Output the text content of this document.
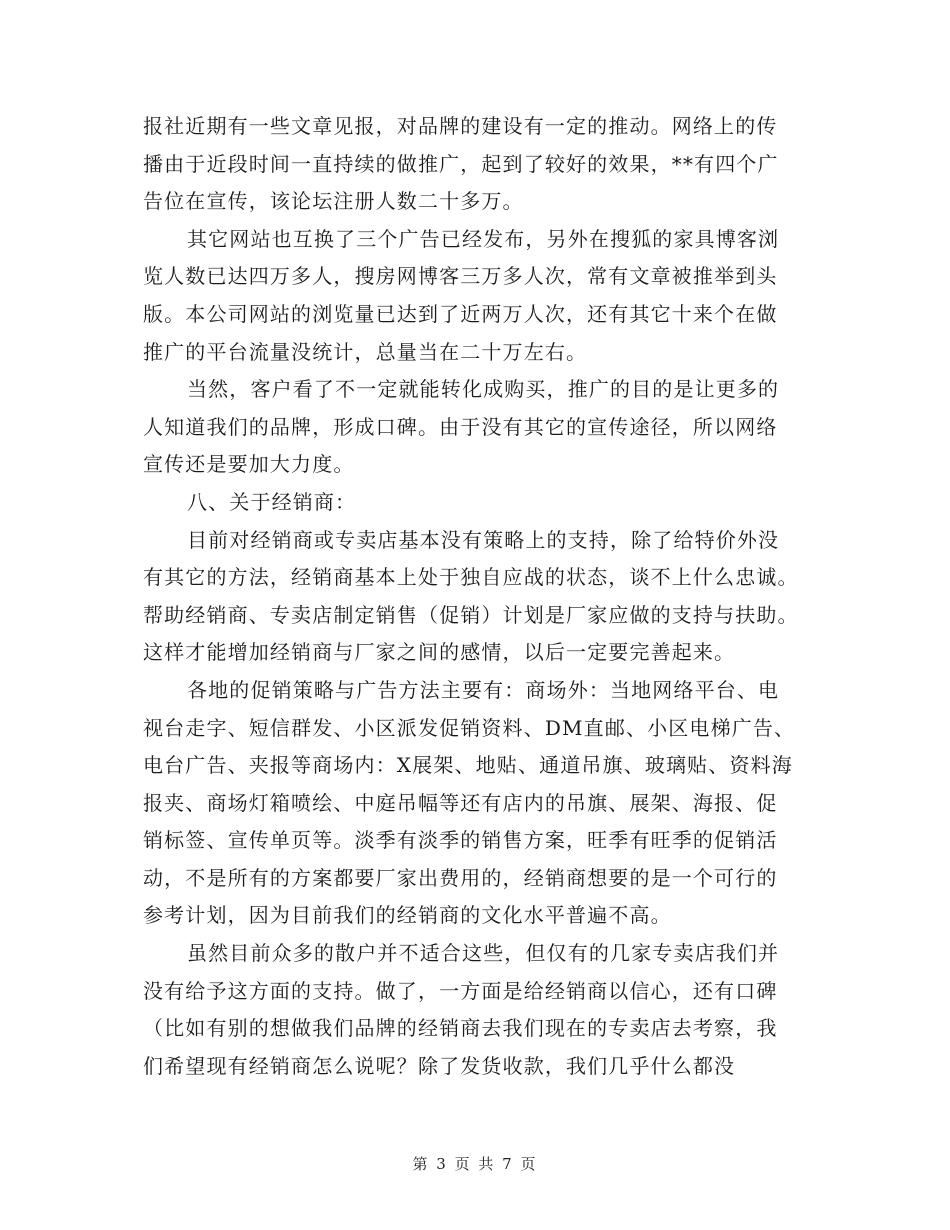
报社近期有一些文章见报，对品牌的建设有一定的推动。网络上的传
播由于近段时间一直持续的做推广，起到了较好的效果，**有四个广
告位在宣传，该论坛注册人数二十多万。
其它网站也互换了三个广告已经发布，另外在搜狐的家具博客浏
览人数已达四万多人，搜房网博客三万多人次，常有文章被推举到头
版。本公司网站的浏览量已达到了近两万人次，还有其它十来个在做
推广的平台流量没统计，总量当在二十万左右。
当然，客户看了不一定就能转化成购买，推广的目的是让更多的
人知道我们的品牌，形成口碑。由于没有其它的宣传途径，所以网络
宣传还是要加大力度。
八、关于经销商：
目前对经销商或专卖店基本没有策略上的支持，除了给特价外没
有其它的方法，经销商基本上处于独自应战的状态，谈不上什么忠诚。
帮助经销商、专卖店制定销售（促销）计划是厂家应做的支持与扶助。
这样才能增加经销商与厂家之间的感情，以后一定要完善起来。
各地的促销策略与广告方法主要有：商场外：当地网络平台、电
视台走字、短信群发、小区派发促销资料、DM直邮、小区电梯广告、
电台广告、夹报等商场内：X展架、地贴、通道吊旗、玻璃贴、资料海
报夹、商场灯箱喷绘、中庭吊幅等还有店内的吊旗、展架、海报、促
销标签、宣传单页等。淡季有淡季的销售方案，旺季有旺季的促销活
动，不是所有的方案都要厂家出费用的，经销商想要的是一个可行的
参考计划，因为目前我们的经销商的文化水平普遍不高。
虽然目前众多的散户并不适合这些，但仅有的几家专卖店我们并
没有给予这方面的支持。做了，一方面是给经销商以信心，还有口碑
（比如有别的想做我们品牌的经销商去我们现在的专卖店去考察，我
们希望现有经销商怎么说呢？除了发货收款，我们几乎什么都没
第 3 页 共 7 页
